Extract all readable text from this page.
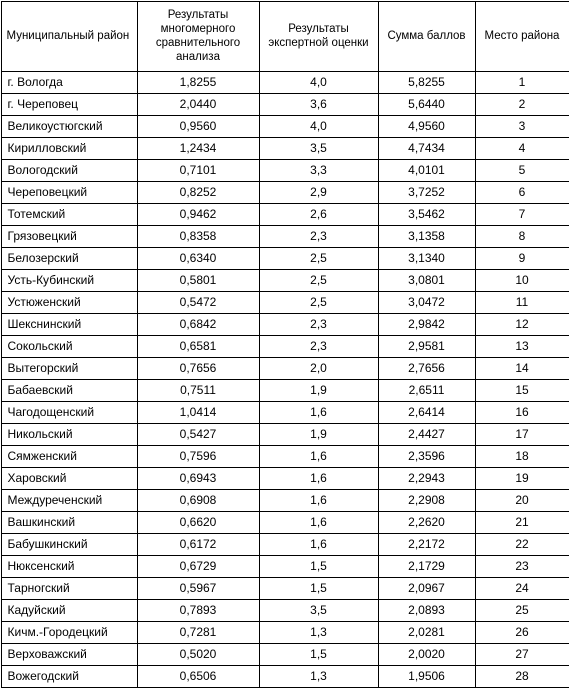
Муниципальный район	Результаты многомерного сравнительного анализа	Результаты экспертной оценки	Сумма баллов	Место района
г. Вологда	1,8255	4,0	5,8255	1
г. Череповец	2,0440	3,6	5,6440	2
Великоустюгский	0,9560	4,0	4,9560	3
Кирилловский	1,2434	3,5	4,7434	4
Вологодский	0,7101	3,3	4,0101	5
Череповецкий	0,8252	2,9	3,7252	6
Тотемский	0,9462	2,6	3,5462	7
Грязовецкий	0,8358	2,3	3,1358	8
Белозерский	0,6340	2,5	3,1340	9
Усть-Кубинский	0,5801	2,5	3,0801	10
Устюженский	0,5472	2,5	3,0472	11
Шекснинский	0,6842	2,3	2,9842	12
Сокольский	0,6581	2,3	2,9581	13
Вытегорский	0,7656	2,0	2,7656	14
Бабаевский	0,7511	1,9	2,6511	15
Чагодощенский	1,0414	1,6	2,6414	16
Никольский	0,5427	1,9	2,4427	17
Сямженский	0,7596	1,6	2,3596	18
Харовский	0,6943	1,6	2,2943	19
Междуреченский	0,6908	1,6	2,2908	20
Вашкинский	0,6620	1,6	2,2620	21
Бабушкинский	0,6172	1,6	2,2172	22
Нюксенский	0,6729	1,5	2,1729	23
Тарногский	0,5967	1,5	2,0967	24
Кадуйский	0,7893	3,5	2,0893	25
Кичм.-Городецкий	0,7281	1,3	2,0281	26
Верховажский	0,5020	1,5	2,0020	27
Вожегодский	0,6506	1,3	1,9506	28
